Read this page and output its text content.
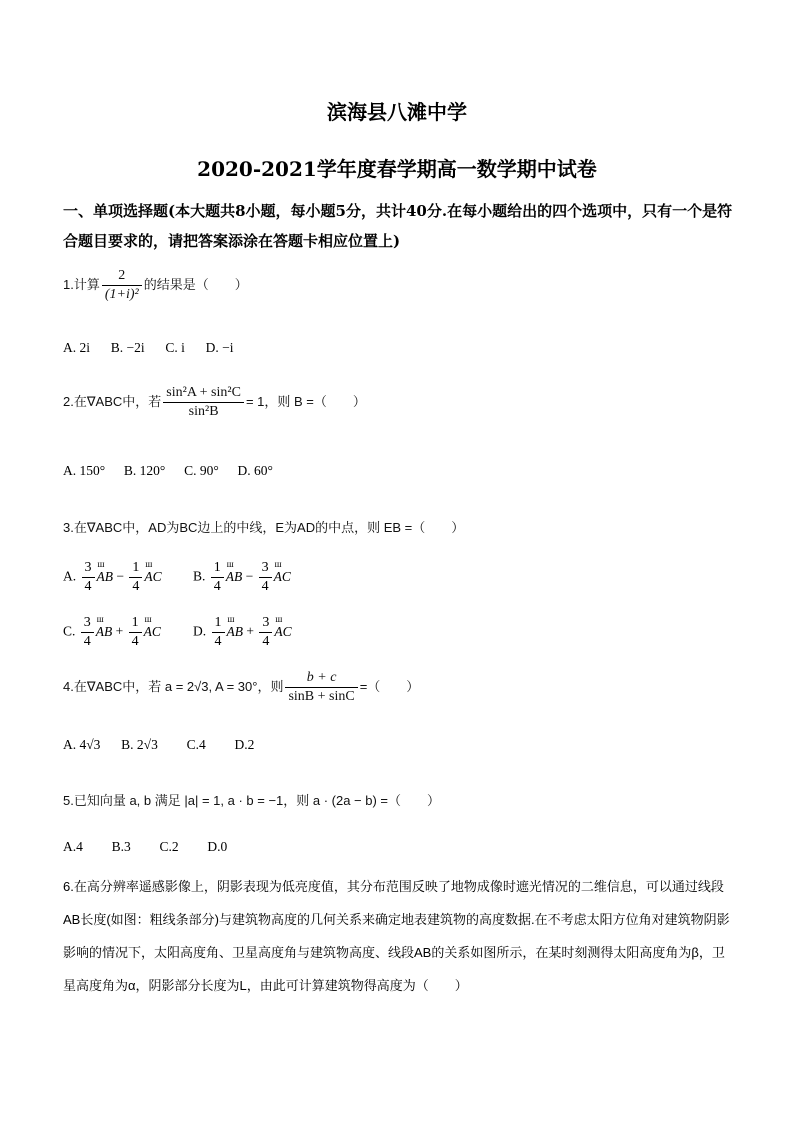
滨海县八滩中学
2020-2021学年度春学期高一数学期中试卷
一、单项选择题(本大题共8小题，每小题5分，共计40分.在每小题给出的四个选项中，只有一个是符合题目要求的，请把答案添涂在答题卡相应位置上)
1.计算 $\frac{2}{\text{(1+i)²}}$ 的结果是（　　）
A. 2i B. −2i C. i D. −i
2.在∇ABC中，若 $\frac{\text{sin²A + sin²C}}{\text{sin²B}} = 1$，则 B =（　　）
A. 150° B. 120° C. 90° D. 60°
3.在∇ABC中，AD为BC边上的中线，E为AD的中点，则 EB =（　　）
A. $\frac{3}{4}$ ш AB − $\frac{1}{4}$ ш AC B. $\frac{1}{4}$ ш AB − $\frac{3}{4}$ ш AC
C. $\frac{3}{4}$ ш AB + $\frac{1}{4}$ ш AC D. $\frac{1}{4}$ ш AB + $\frac{3}{4}$ ш AC
4.在∇ABC中，若 a = 2√3, A = 30°，则 $\frac{b + c}{\sin B + \sin C}$ =（　　）
A. 4√3 B. 2√3 C.4 D.2
5.已知向量 a, b 满足 |a| = 1, a · b = −1，则 a · (2a − b) =（　　）
A.4 B.3 C.2 D.0
6.在高分辨率遥感影像上，阴影表现为低亮度值，其分布范围反映了地物成像时遮光情况的二维信息，可以通过线段AB长度(如图：粗线条部分)与建筑物高度的几何关系来确定地表建筑物的高度数据.在不考虑太阳方位角对建筑物阴影影响的情况下，太阳高度角、卫星高度角与建筑物高度、线段AB的关系如图所示，在某时刻测得太阳高度角为β，卫星高度角为α，阴影部分长度为L，由此可计算建筑物得高度为（　　）
